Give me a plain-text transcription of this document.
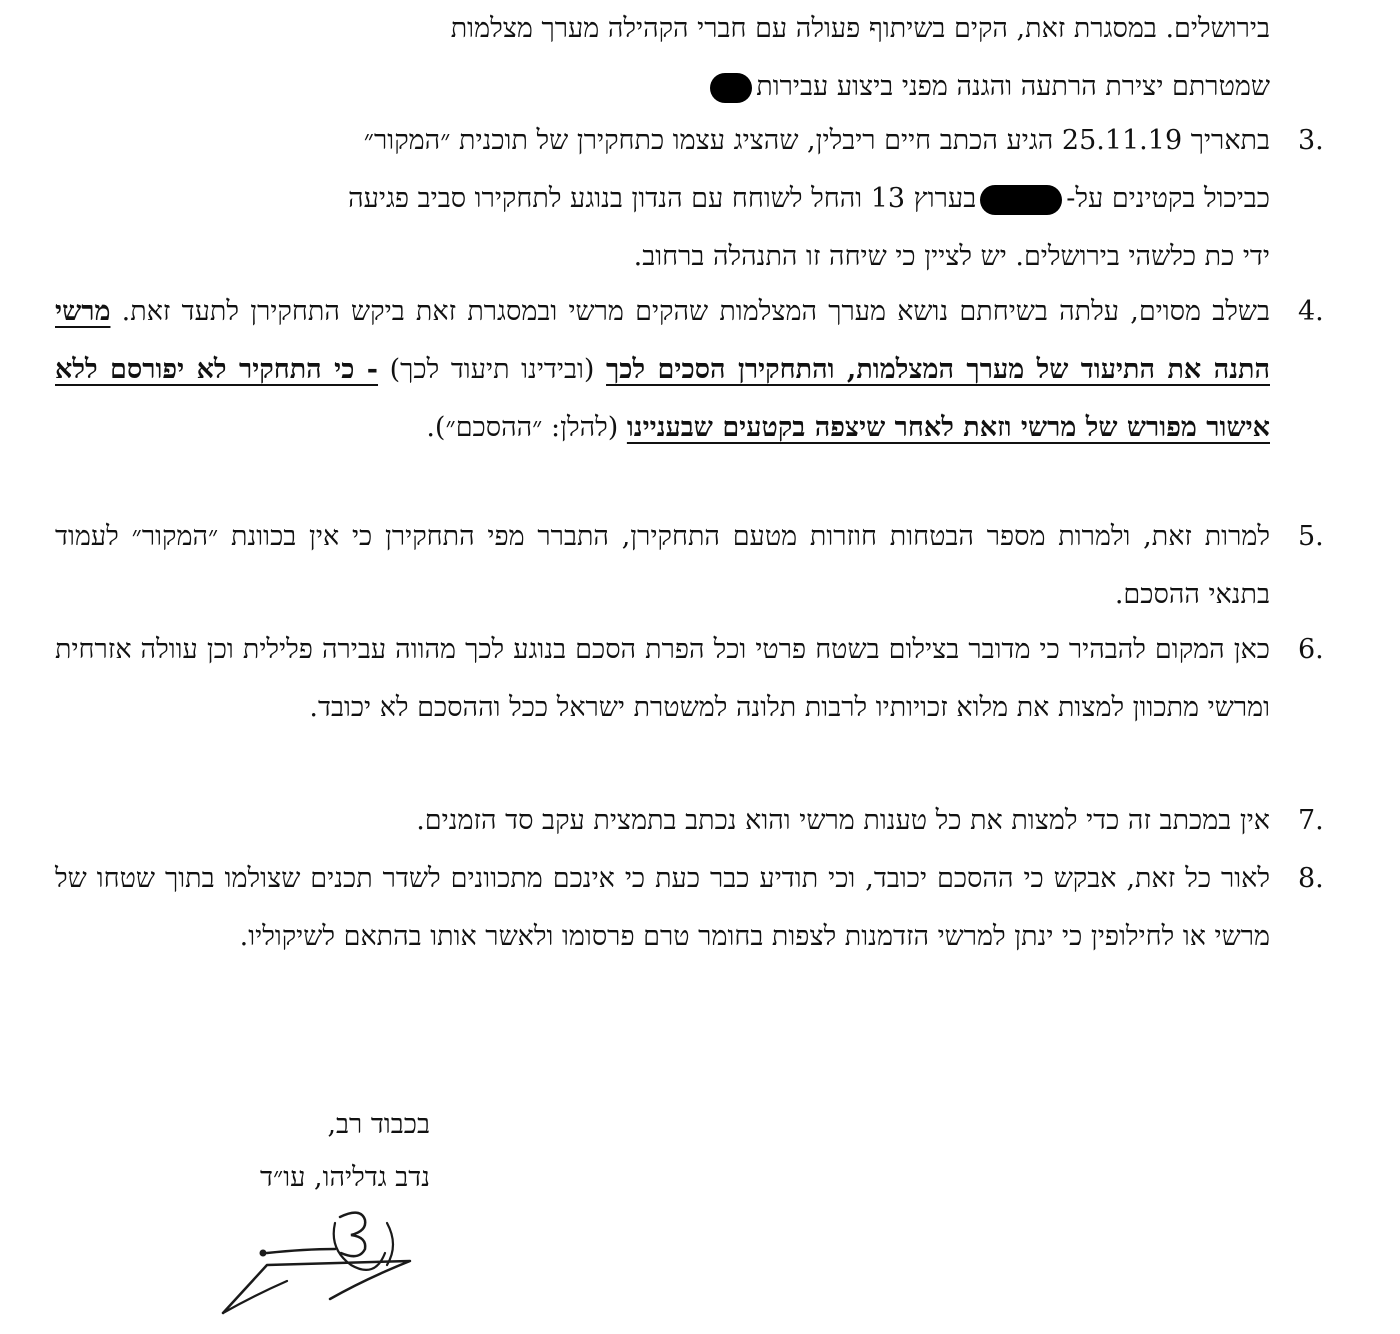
בירושלים. במסגרת זאת, הקים בשיתוף פעולה עם חברי הקהילה מערך מצלמות
שמטרתם יצירת הרתעה והגנה מפני ביצוע עבירות
3.
בתאריך 25.11.19 הגיע הכתב חיים ריבלין, שהציג עצמו כתחקירן של תוכנית ״המקור״
כביכול בקטינים על-בערוץ 13 והחל לשוחח עם הנדון בנוגע לתחקירו סביב פגיעה
ידי כת כלשהי בירושלים. יש לציין כי שיחה זו התנהלה ברחוב.
4.

בשלב מסוים, עלתה בשיחתם נושא מערך המצלמות שהקים מרשי ובמסגרת זאת ביקש התחקירן לתעד זאת. מרשי התנה את התיעוד של מערך המצלמות, והתחקירן הסכים לכך (ובידינו תיעוד לכך) - כי התחקיר לא יפורסם ללא אישור מפורש של מרשי וזאת לאחר שיצפה בקטעים שבעניינו (להלן: ״ההסכם״).

5.

למרות זאת, ולמרות מספר הבטחות חוזרות מטעם התחקירן, התברר מפי התחקירן כי אין בכוונת ״המקור״ לעמוד בתנאי ההסכם.

6.

כאן המקום להבהיר כי מדובר בצילום בשטח פרטי וכל הפרת הסכם בנוגע לכך מהווה עבירה פלילית וכן עוולה אזרחית ומרשי מתכוון למצות את מלוא זכויותיו לרבות תלונה למשטרת ישראל ככל וההסכם לא יכובד.

7.

אין במכתב זה כדי למצות את כל טענות מרשי והוא נכתב בתמצית עקב סד הזמנים.

8.

לאור כל זאת, אבקש כי ההסכם יכובד, וכי תודיע כבר כעת כי אינכם מתכוונים לשדר תכנים שצולמו בתוך שטחו של מרשי או לחילופין כי ינתן למרשי הזדמנות לצפות בחומר טרם פרסומו ולאשר אותו בהתאם לשיקוליו.

בכבוד רב,
נדב גדליהו, עו״ד
